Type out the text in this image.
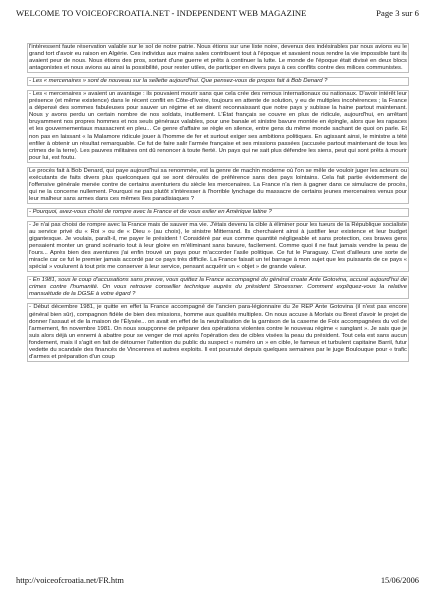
WELCOME TO VOICEOFCROATIA.NET - INDEPENDENT WEB MAGAZINE	Page 3 sur 6

l'intéressent faute réservation valable sur le sol de notre patrie. Nous étions sur une liste noire, devenus des indésirables par nous avions eu le grand tort d'avoir eu raison en Algérie. Ces individus aux mains sales contribuent tout à l'époque et savaient nous rendre la vie impossible tant ils avaient peur de nous. Nous étions des pros, sortant d'une guerre et prêts à continuer la lutte. Le monde de l'époque était divisé en deux blocs antagonistes et nous avions au ainsi la possibilité, pour rester utiles, de participer en divers pays à ces conflits contre des milices communistes.

- Les « mercenaires » sont de nouveau sur la sellette aujourd'hui. Que pensez-vous de propos fait à Bob Denard ?

- Les « mercenaires » avaient un avantage : ils pouvaient mourir sans que cela crée des remous internationaux ou nationaux. D'avoir intérêt leur présence (et même existence) dans le récent conflit en Côte-d'Ivoire, toujours en attente de solution, y eu de multiples incohérences ; la France a dépensé des sommes fabuleuses pour sauver un régime et se disent reconnaissant que notre pays y subisse la haine partout maintenant. Nous y avons perdu un certain nombre de nos soldats, inutilement. L'État français se couvre en plus de ridicule, aujourd'hui, en arrêtant bruyamment nos propres hommes et nos seuls généraux valables, pour une banale et sinistre bavure montée en épingle, alors que les rapaces et les gouvernementaux massacrent en pleu... Ce genre d'affaire se règle en silence, entre gens du même monde sachant de quoi on parle. Et non pas en laissant « la Malamore ridicule jouer à l'homme de fer et surtout exiger ses ambitions politiques. En agissant ainsi, le ministre a tété enfiler à obtenir un résultat remarquable. Ce fut de faire salir l'armée française et ses missions passées (accusée partout maintenant de tous les crimes de la terre). Les pauvres militaires ont dû renoncer à toute fierté. Un pays qui ne sait plus défendre les siens, peut qui sont prêts à mourir pour lui, est foutu.

Le procès fait à Bob Denard, qui paye aujourd'hui sa renommée, est la genre de machin moderne où l'on se mêle de vouloir juger les acteurs ou exécutants de faits divers plus quelconques qui se sont déroulés de préférence sans des pays lointains. Cela fait partie évidemment de l'offensive générale menée contre de certains aventuriers du siècle les mercenaires. La France n'a rien à gagner dans ce simulacre de procès, qui ne la concerne nullement. Pourquoi ne pas plutôt s'intéresser à l'horrible lynchage du massacre de certains jeunes mercenaires venus pour leur malheur sans armes dans ces mêmes îles paradisiaques ?

- Pourquoi, avez-vous choisi de rompre avec la France et de vous exiler en Amérique latine ?

- Je n'ai pas choisi de rompre avec la France mais de sauver ma vie. J'étais devenu la cible à éliminer pour les tueurs de la République socialiste au service privé du « Roi » ou de « Dieu » (au choix), le sinistre Mitterrand. Ils cherchaient ainsi à justifier leur existence et leur budget gigantesque. Je voulais, paraît-il, me payer le président ! Considéré par eux comme quantité négligeable et sans protection, ces braves gens pensaient monter un grand scénario tout à leur gloire en m'éliminant sans bavure, facilement. Comme quoi il ne faut jamais vendre la peau de l'ours... Après bien des aventures j'ai enfin trouvé un pays pour m'accorder l'asile politique. Ce fut le Paraguay. C'est d'ailleurs une sorte de miracle car ce fut le premier jamais accordé par ce pays très difficile. La France faisait un tel barrage à mon sujet que les puissants de ce pays « spécial » voulurent à tout prix me conserver à leur service, pensant acquérir un « objet » de grande valeur.

- En 1981, sous le coup d'accusations sans preuve, vous quittez la France accompagné du général croate Ante Gotovina, accusé aujourd'hui de crimes contre l'humanité. On vous retrouve conseiller technique auprès du président Stroessner. Comment expliquez-vous la relative mansuétude de la DGSE à votre égard ?

- Début décembre 1981, je quitte en effet la France accompagné de l'ancien para-légionnaire du 2e REP Ante Gotovina (il n'est pas encore général bien sûr), compagnon fidèle de bien des missions, homme aux qualités multiples. On nous accuse à Morlaix ou Brest d'avoir le projet de donner l'assaut et de la maison de l'Élysée... on avait en effet de la neutralisation de la garnison de la caserne de Foix accompagnées du vol de l'armement, fin novembre 1981. On nous soupçonne de préparer des opérations violentes contre le nouveau régime « sanglant ». Je sais que je suis alors déjà un ennemi à abattre pour se venger de moi après l'opération des de cibles visées la peau du président. Tout cela est sans aucun fondement, mais il s'agit en fait de détourner l'attention du public du suspect « numéro un » en cible, le fameux et turbulent capitaine Barril, futur vedette du scandale des financés de Vincennes et autres exploits. Il est poursuivi depuis quelques semaines par le juge Boulouque pour « trafic d'armes et préparation d'un coup

http://voiceofcroatia.net/FR.htm	15/06/2006
